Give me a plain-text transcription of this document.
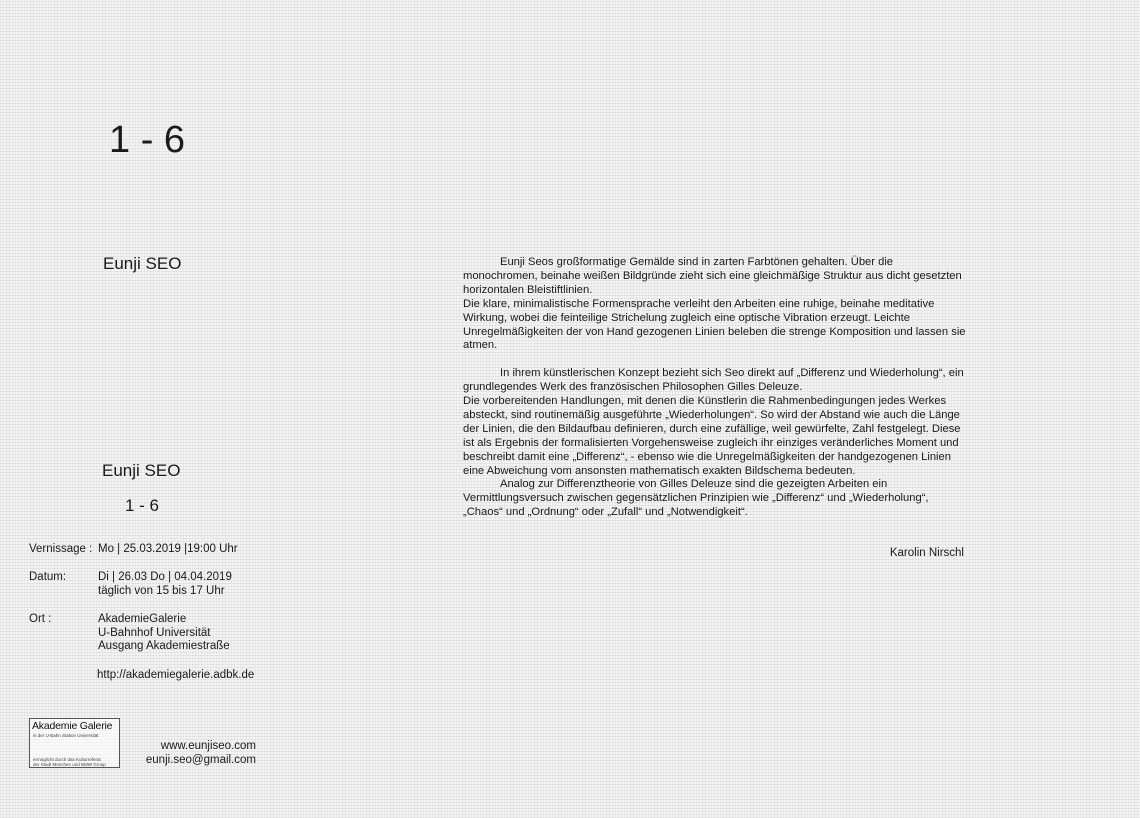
1 - 6
Eunji SEO
Eunji SEO
1 - 6
Vernissage : Mo | 25.03.2019 |19:00 Uhr
Datum:	Di | 26.03 Do | 04.04.2019
täglich von 15 bis 17 Uhr
Ort :	AkademieGalerie
U-Bahnhof Universität
Ausgang Akademiestraße
http://akademiegalerie.adbk.de
Akademie Galerie
in der U-Bahn Station Universität
ermöglicht durch das Kulturreferat
der Stadt München und BMW Group
www.eunjiseo.com
eunji.seo@gmail.com

Eunji Seos großformatige Gemälde sind in zarten Farbtönen gehalten. Über die monochromen, beinahe weißen Bildgründe zieht sich eine gleichmäßige Struktur aus dicht gesetzten horizontalen Bleistiftlinien.

Die klare, minimalistische Formensprache verleiht den Arbeiten eine ruhige, beinahe meditative Wirkung, wobei die feinteilige Strichelung zugleich eine optische Vibration erzeugt. Leichte Unregelmäßigkeiten der von Hand gezogenen Linien beleben die strenge Komposition und lassen sie atmen.

In ihrem künstlerischen Konzept bezieht sich Seo direkt auf „Differenz und Wiederholung“, ein grundlegendes Werk des französischen Philosophen Gilles Deleuze.

Die vorbereitenden Handlungen, mit denen die Künstlerin die Rahmenbedingungen jedes Werkes absteckt, sind routinemäßig ausgeführte „Wiederholungen“. So wird der Abstand wie auch die Länge der Linien, die den Bildaufbau definieren, durch eine zufällige, weil gewürfelte, Zahl festgelegt. Diese ist als Ergebnis der formalisierten Vorgehensweise zugleich ihr einziges veränderliches Moment und beschreibt damit eine „Differenz“, - ebenso wie die Unregelmäßigkeiten der handgezogenen Linien eine Abweichung vom ansonsten mathematisch exakten Bildschema bedeuten.

Analog zur Differenztheorie von Gilles Deleuze sind die gezeigten Arbeiten ein Vermittlungsversuch zwischen gegensätzlichen Prinzipien wie „Differenz“ und „Wiederholung“, „Chaos“ und „Ordnung“ oder „Zufall“ und „Notwendigkeit“.

Karolin Nirschl
